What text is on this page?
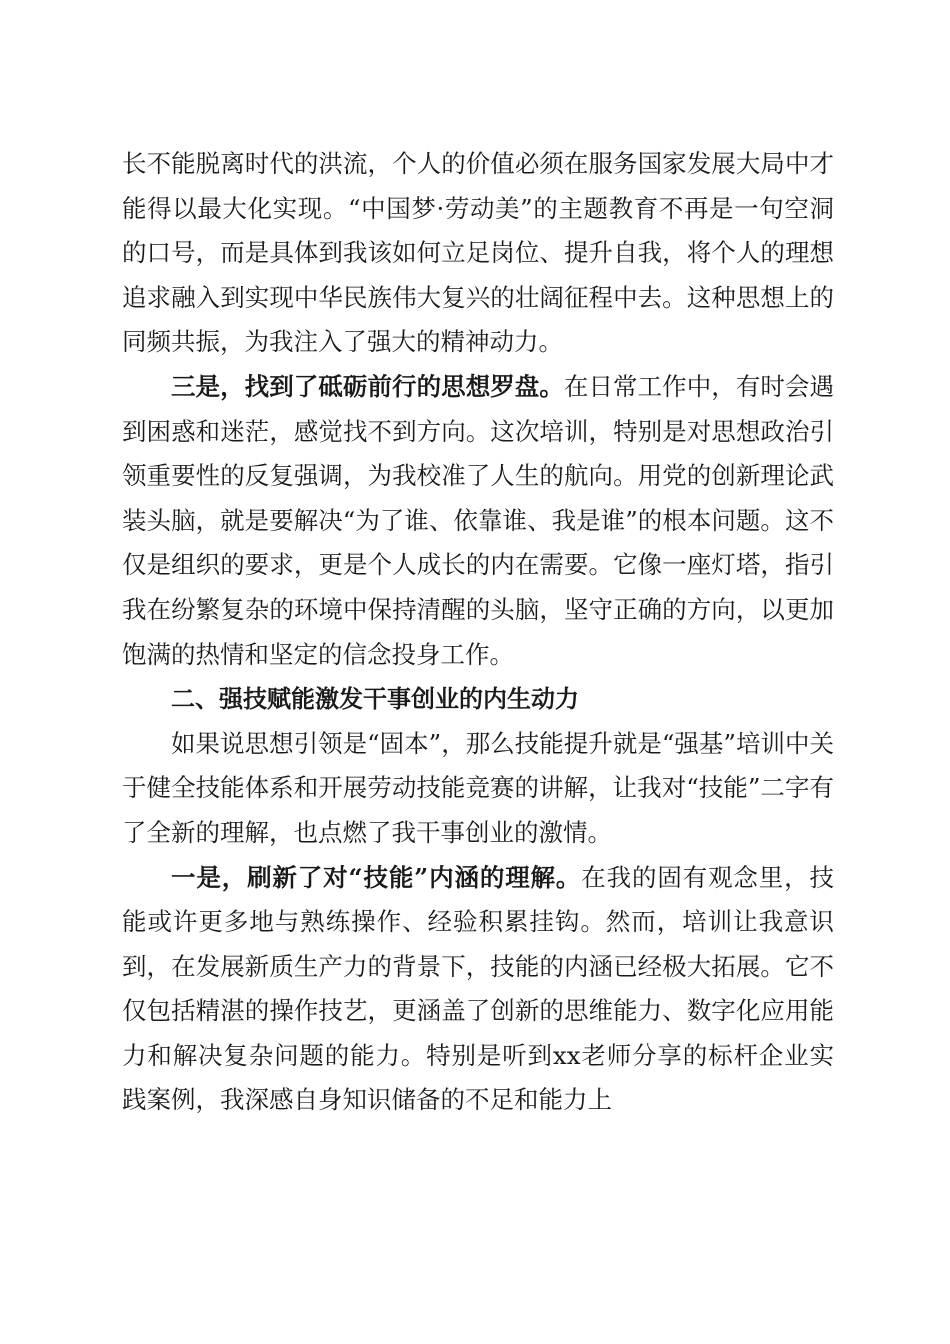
长不能脱离时代的洪流，个人的价值必须在服务国家发展大局中才能得以最大化实现。“中国梦·劳动美”的主题教育不再是一句空洞的口号，而是具体到我该如何立足岗位、提升自我，将个人的理想追求融入到实现中华民族伟大复兴的壮阔征程中去。这种思想上的同频共振，为我注入了强大的精神动力。

三是，找到了砥砺前行的思想罗盘。在日常工作中，有时会遇到困惑和迷茫，感觉找不到方向。这次培训，特别是对思想政治引领重要性的反复强调，为我校准了人生的航向。用党的创新理论武装头脑，就是要解决“为了谁、依靠谁、我是谁”的根本问题。这不仅是组织的要求，更是个人成长的内在需要。它像一座灯塔，指引我在纷繁复杂的环境中保持清醒的头脑，坚守正确的方向，以更加饱满的热情和坚定的信念投身工作。

二、强技赋能激发干事创业的内生动力

如果说思想引领是“固本”，那么技能提升就是“强基”培训中关于健全技能体系和开展劳动技能竞赛的讲解，让我对“技能”二字有了全新的理解，也点燃了我干事创业的激情。

一是，刷新了对“技能”内涵的理解。在我的固有观念里，技能或许更多地与熟练操作、经验积累挂钩。然而，培训让我意识到，在发展新质生产力的背景下，技能的内涵已经极大拓展。它不仅包括精湛的操作技艺，更涵盖了创新的思维能力、数字化应用能力和解决复杂问题的能力。特别是听到xx老师分享的标杆企业实践案例，我深感自身知识储备的不足和能力上
